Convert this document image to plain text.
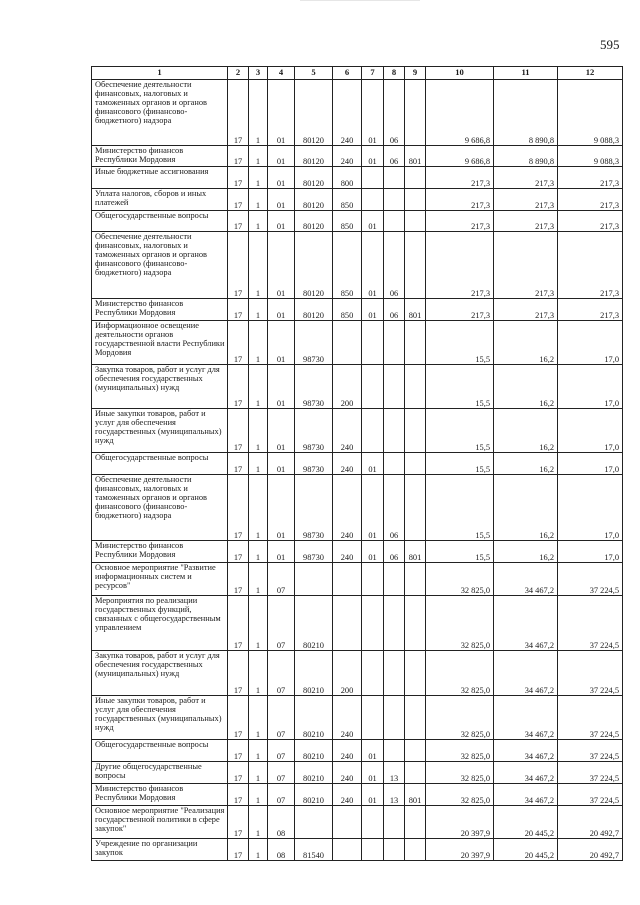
595
1	2	3	4	5	6	7	8	9	10	11	12

Обеспечение деятельности финансовых, налоговых и таможенных органов и органов финансового (финансово-бюджетного) надзора	17	1	01	80120	240	01	06		9 686,8	8 890,8	9 088,3

Министерство финансов Республики Мордовия	17	1	01	80120	240	01	06	801	9 686,8	8 890,8	9 088,3

Иные бюджетные ассигнования	17	1	01	80120	800				217,3	217,3	217,3

Уплата налогов, сборов и иных платежей	17	1	01	80120	850				217,3	217,3	217,3

Общегосударственные вопросы	17	1	01	80120	850	01			217,3	217,3	217,3

Обеспечение деятельности финансовых, налоговых и таможенных органов и органов финансового (финансово-бюджетного) надзора	17	1	01	80120	850	01	06		217,3	217,3	217,3

Министерство финансов Республики Мордовия	17	1	01	80120	850	01	06	801	217,3	217,3	217,3

Информационное освещение деятельности органов государственной власти Республики Мордовия	17	1	01	98730					15,5	16,2	17,0

Закупка товаров, работ и услуг для обеспечения государственных (муниципальных) нужд	17	1	01	98730	200				15,5	16,2	17,0

Иные закупки товаров, работ и услуг для обеспечения государственных (муниципальных) нужд	17	1	01	98730	240				15,5	16,2	17,0

Общегосударственные вопросы	17	1	01	98730	240	01			15,5	16,2	17,0

Обеспечение деятельности финансовых, налоговых и таможенных органов и органов финансового (финансово-бюджетного) надзора	17	1	01	98730	240	01	06		15,5	16,2	17,0

Министерство финансов Республики Мордовия	17	1	01	98730	240	01	06	801	15,5	16,2	17,0

Основное мероприятие "Развитие информационных систем и ресурсов"	17	1	07						32 825,0	34 467,2	37 224,5

Мероприятия по реализации государственных функций, связанных с общегосударственным управлением	17	1	07	80210					32 825,0	34 467,2	37 224,5

Закупка товаров, работ и услуг для обеспечения государственных (муниципальных) нужд	17	1	07	80210	200				32 825,0	34 467,2	37 224,5

Иные закупки товаров, работ и услуг для обеспечения государственных (муниципальных) нужд	17	1	07	80210	240				32 825,0	34 467,2	37 224,5

Общегосударственные вопросы	17	1	07	80210	240	01			32 825,0	34 467,2	37 224,5

Другие общегосударственные вопросы	17	1	07	80210	240	01	13		32 825,0	34 467,2	37 224,5

Министерство финансов Республики Мордовия	17	1	07	80210	240	01	13	801	32 825,0	34 467,2	37 224,5

Основное мероприятие "Реализация государственной политики в сфере закупок"	17	1	08						20 397,9	20 445,2	20 492,7

Учреждение по организации закупок	17	1	08	81540					20 397,9	20 445,2	20 492,7
